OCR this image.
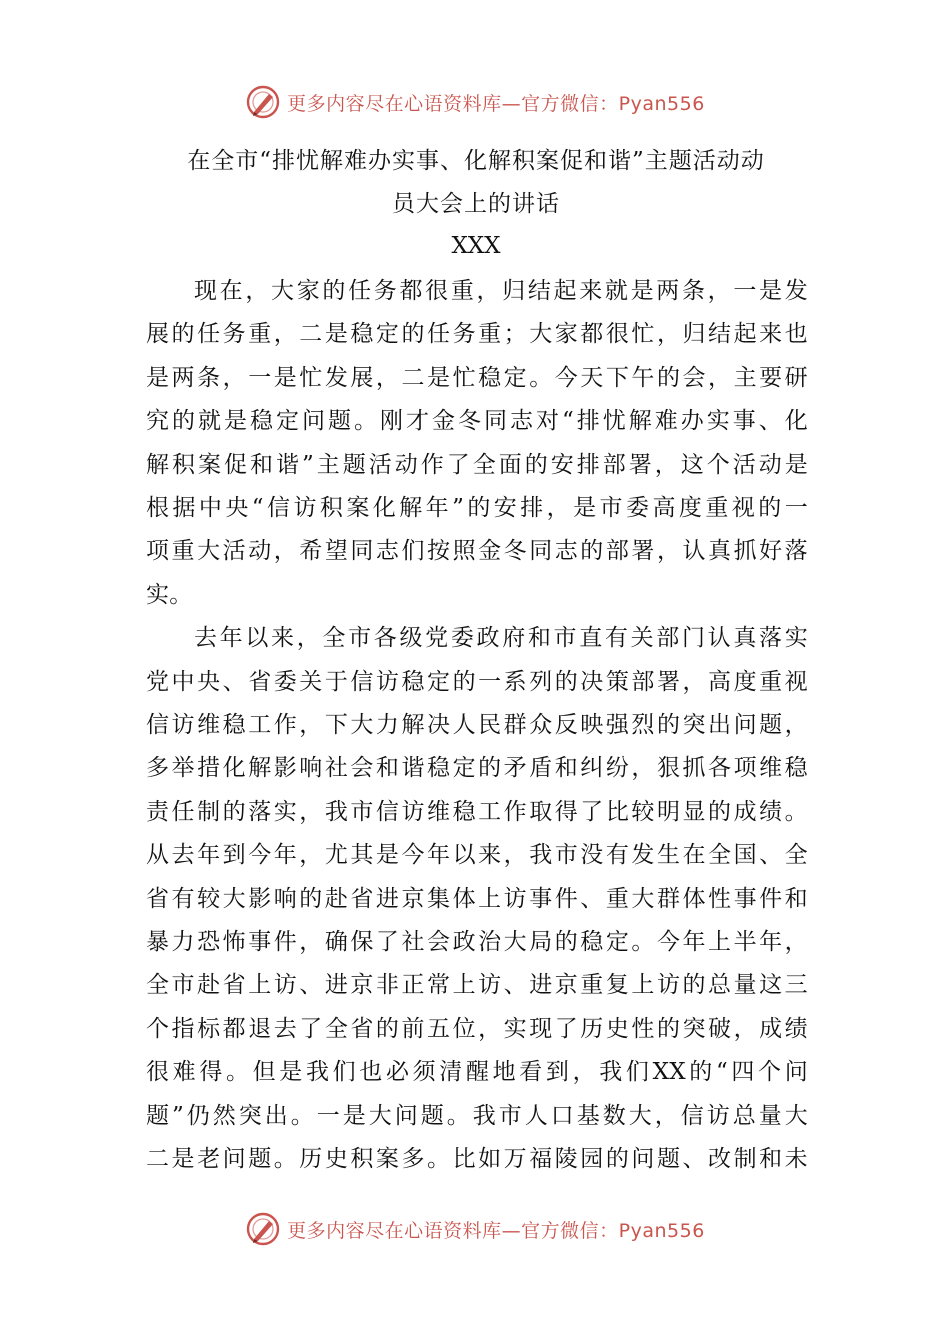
更多内容尽在心语资料库—官方微信：Pyan556
在全市“排忧解难办实事、化解积案促和谐”主题活动动
员大会上的讲话
XXX
现在，大家的任务都很重，归结起来就是两条，一是发
展的任务重，二是稳定的任务重；大家都很忙，归结起来也
是两条，一是忙发展，二是忙稳定。今天下午的会，主要研
究的就是稳定问题。刚才金冬同志对“排忧解难办实事、化
解积案促和谐”主题活动作了全面的安排部署，这个活动是
根据中央“信访积案化解年”的安排，是市委高度重视的一
项重大活动，希望同志们按照金冬同志的部署，认真抓好落
实。
去年以来，全市各级党委政府和市直有关部门认真落实
党中央、省委关于信访稳定的一系列的决策部署，高度重视
信访维稳工作，下大力解决人民群众反映强烈的突出问题，
多举措化解影响社会和谐稳定的矛盾和纠纷，狠抓各项维稳
责任制的落实，我市信访维稳工作取得了比较明显的成绩。
从去年到今年，尤其是今年以来，我市没有发生在全国、全
省有较大影响的赴省进京集体上访事件、重大群体性事件和
暴力恐怖事件，确保了社会政治大局的稳定。今年上半年，
全市赴省上访、进京非正常上访、进京重复上访的总量这三
个指标都退去了全省的前五位，实现了历史性的突破，成绩
很难得。但是我们也必须清醒地看到，我们XX的“四个问
题”仍然突出。一是大问题。我市人口基数大，信访总量大
二是老问题。历史积案多。比如万福陵园的问题、改制和未
更多内容尽在心语资料库—官方微信：Pyan556
